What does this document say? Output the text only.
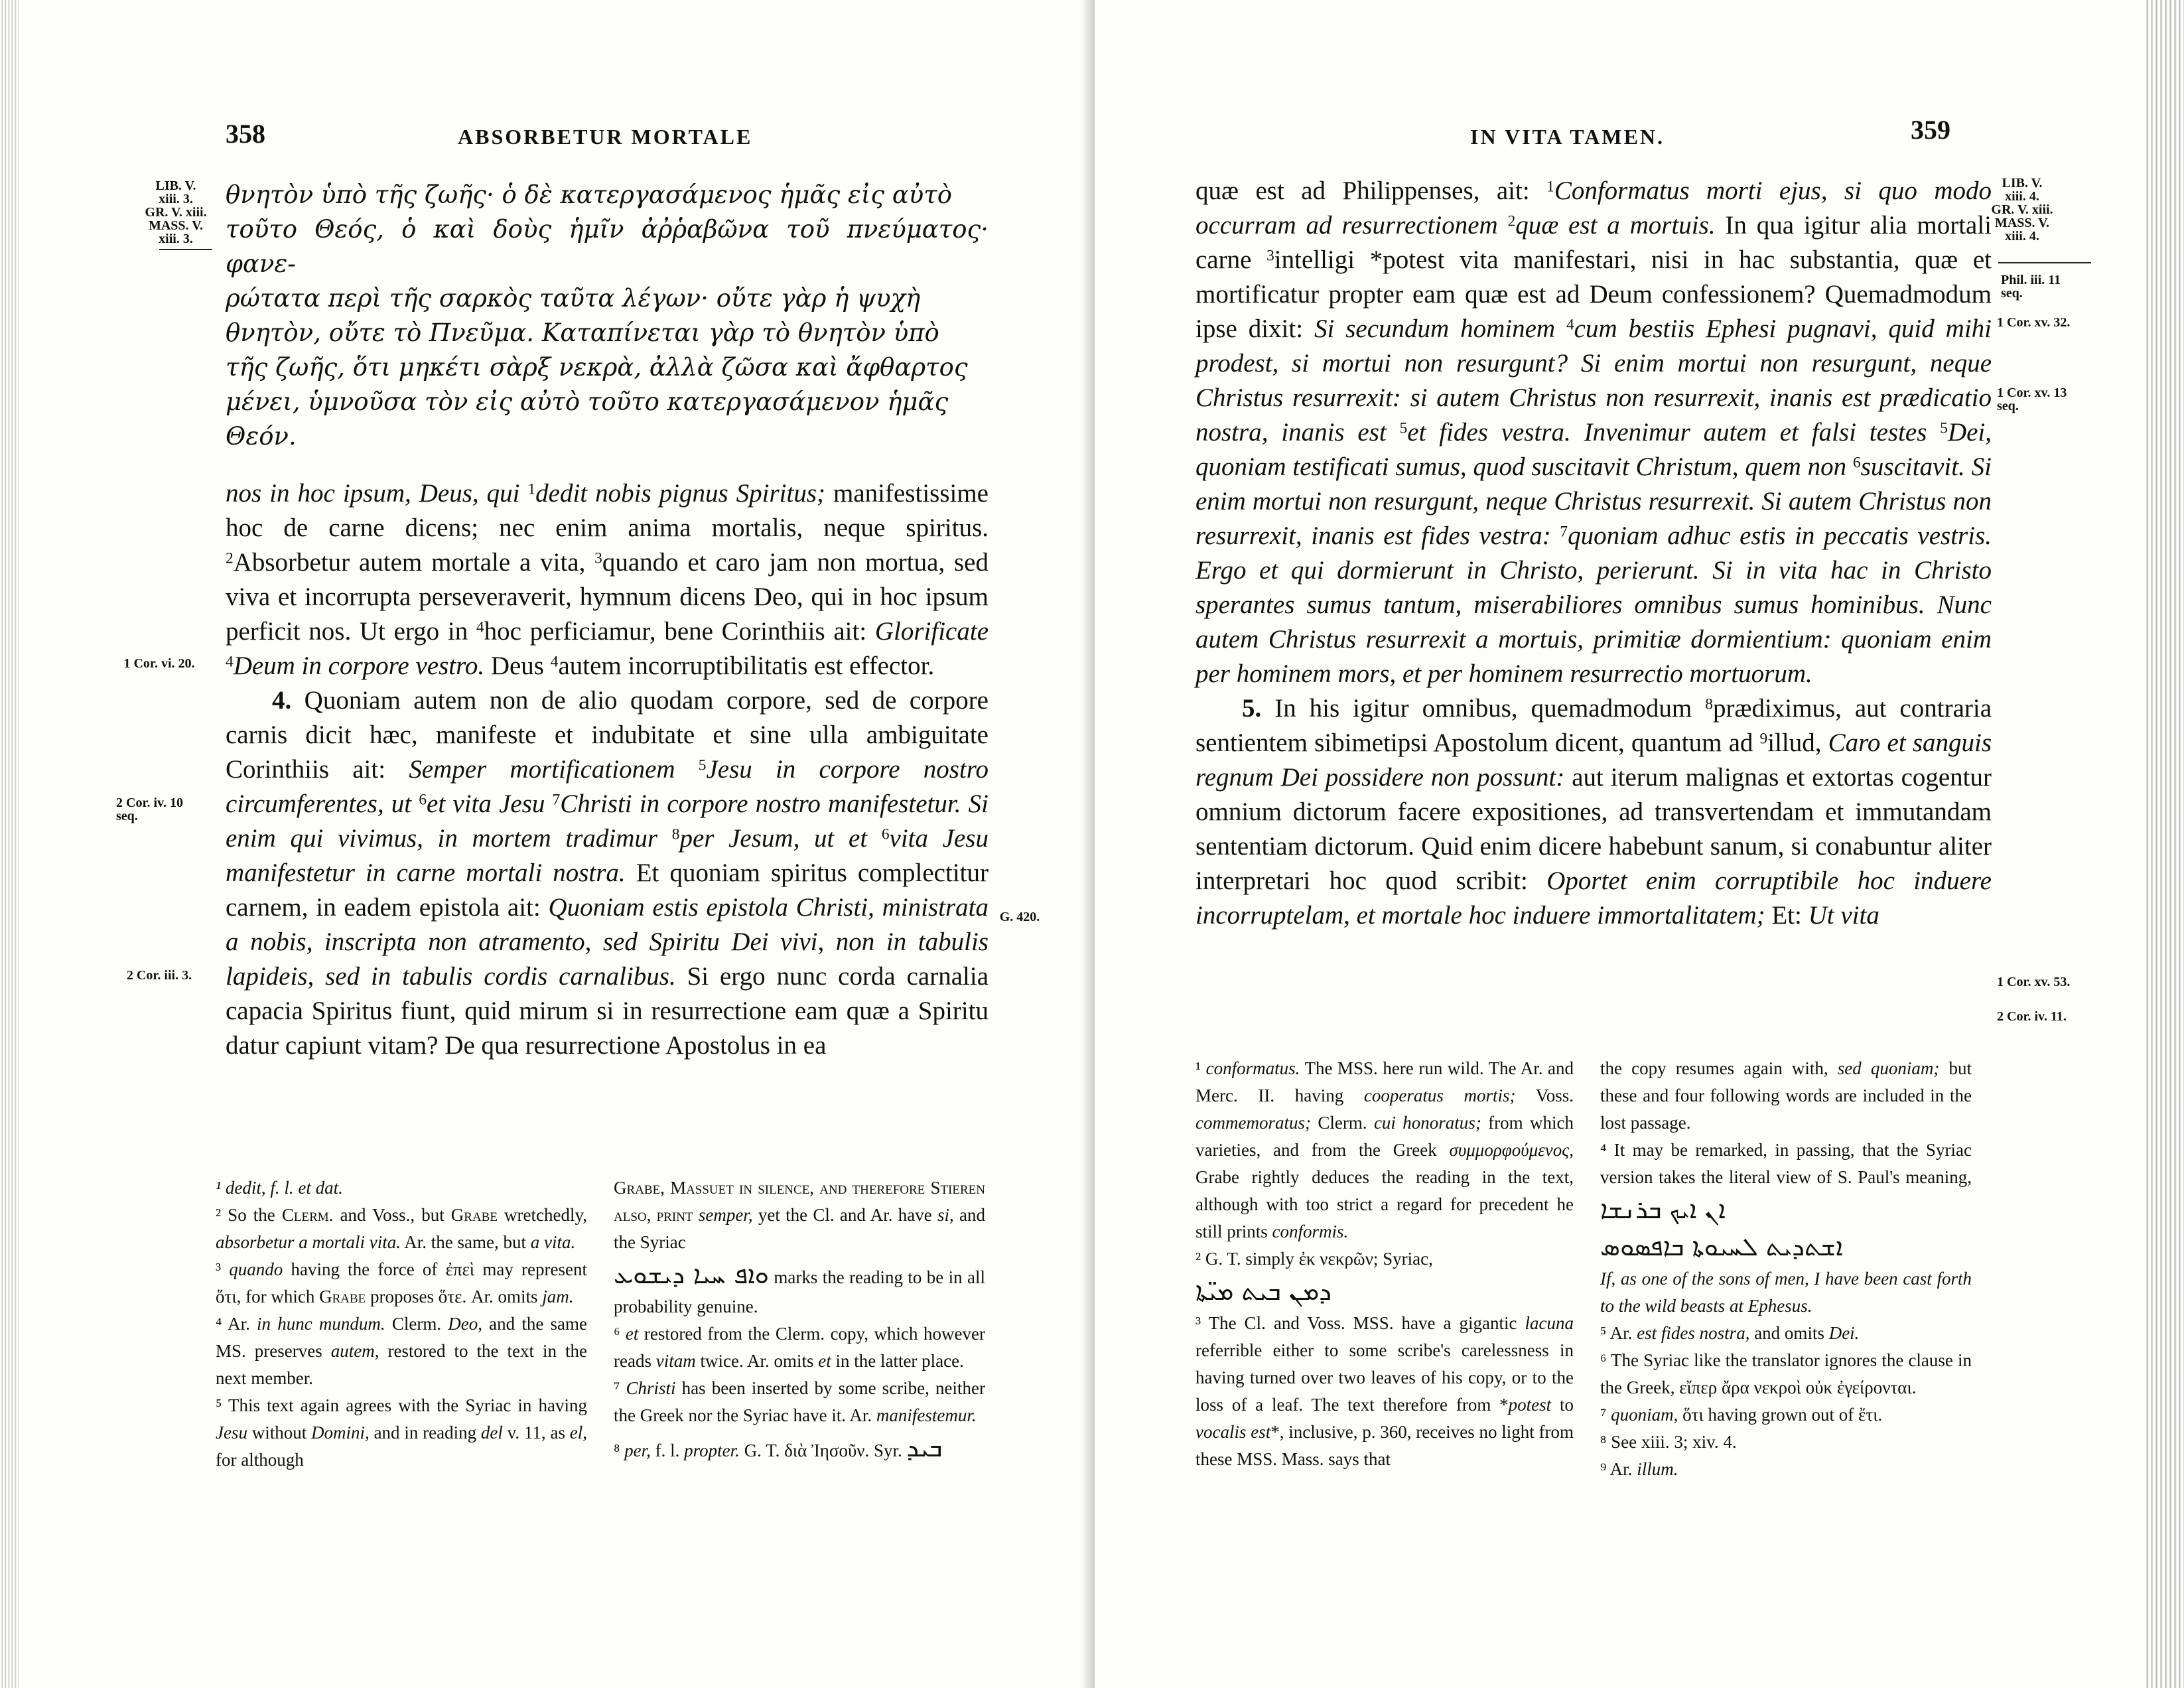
358	ABSORBETUR MORTALE
LIB. V.
xiii. 3.
GR. V. xiii.
MASS. V.
xiii. 3.
θνητὸν ὑπὸ τῆς ζωῆς· ὁ δὲ κατεργασάμενος ἡμᾶς εἰς αὐτὸ
τοῦτο Θεός, ὁ καὶ δοὺς ἡμῖν ἀῤῥαβῶνα τοῦ πνεύματος· φανε-
ρώτατα περὶ τῆς σαρκὸς ταῦτα λέγων· οὔτε γὰρ ἡ ψυχὴ
θνητὸν, οὔτε τὸ Πνεῦμα. Καταπίνεται γὰρ τὸ θνητὸν ὑπὸ
τῆς ζωῆς, ὅτι μηκέτι σὰρξ νεκρὰ, ἀλλὰ ζῶσα καὶ ἄφθαρτος
μένει, ὑμνοῦσα τὸν εἰς αὐτὸ τοῦτο κατεργασάμενον ἡμᾶς
Θεόν.

nos in hoc ipsum, Deus, qui $^1$dedit nobis pignus Spiritus; manifestissime hoc de carne dicens; nec enim anima mortalis, neque spiritus. $^2$Absorbetur autem mortale a vita, $^3$quando et caro jam non mortua, sed viva et incorrupta perseveraverit, hymnum dicens Deo, qui in hoc ipsum perficit nos. Ut ergo in $^4$hoc perficiamur, bene Corinthiis ait: Glorificate $^4$Deum in corpore vestro. Deus $^4$autem incorruptibilitatis est effector.

4. Quoniam autem non de alio quodam corpore, sed de corpore carnis dicit hæc, manifeste et indubitate et sine ulla ambiguitate Corinthiis ait: Semper mortificationem $^5$Jesu in corpore nostro circumferentes, ut $^6$et vita Jesu $^7$Christi in corpore nostro manifestetur. Si enim qui vivimus, in mortem tradimur $^8$per Jesum, ut et $^6$vita Jesu manifestetur in carne mortali nostra. Et quoniam spiritus complectitur carnem, in eadem epistola ait: Quoniam estis epistola Christi, ministrata a nobis, inscripta non atramento, sed Spiritu Dei vivi, non in tabulis lapideis, sed in tabulis cordis carnalibus. Si ergo nunc corda carnalia capacia Spiritus fiunt, quid mirum si in resurrectione eam quæ a Spiritu datur capiunt vitam? De qua resurrectione Apostolus in ea

1 Cor. vi. 20.
2 Cor. iv. 10
seq.
G. 420.
2 Cor. iii. 3.

¹ dedit, f. l. et dat.

² So the Clerm. and Voss., but Grabe wretchedly, absorbetur a mortali vita. Ar. the same, but a vita.

³ quando having the force of ἐπεὶ may represent ὅτι, for which Grabe proposes ὅτε. Ar. omits jam.

⁴ Ar. in hunc mundum. Clerm. Deo, and the same MS. preserves autem, restored to the text in the next member.

⁵ This text again agrees with the Syriac in having Jesu without Domini, and in reading del v. 11, as el, for although

Grabe, Massuet in silence, and therefore Stieren also, print semper, yet the Cl. and Ar. have si, and the Syriac
ܘܐܦ ܚܝܐ ܕܝܫܘܥ marks the reading to be in all probability genuine.

⁶ et restored from the Clerm. copy, which however reads vitam twice. Ar. omits et in the latter place.

⁷ Christi has been inserted by some scribe, neither the Greek nor the Syriac have it. Ar. manifestemur.

⁸ per, f. l. propter. G. T. διὰ Ἰησοῦν. Syr. ܒܝܕ

IN VITA TAMEN.	359
LIB. V.
xiii. 4.
GR. V. xiii.
MASS. V.
xiii. 4.
Phil. iii. 11
seq.
1 Cor. xv. 32.
1 Cor. xv. 13
seq.
1 Cor. xv. 53.
2 Cor. iv. 11.

quæ est ad Philippenses, ait: $^1$Conformatus morti ejus, si quo modo occurram ad resurrectionem $^2$quæ est a mortuis. In qua igitur alia mortali carne $^3$intelligi *potest vita manifestari, nisi in hac substantia, quæ et mortificatur propter eam quæ est ad Deum confessionem? Quemadmodum ipse dixit: Si secundum hominem $^4$cum bestiis Ephesi pugnavi, quid mihi prodest, si mortui non resurgunt? Si enim mortui non resurgunt, neque Christus resurrexit: si autem Christus non resurrexit, inanis est prædicatio nostra, inanis est $^5$et fides vestra. Invenimur autem et falsi testes $^5$Dei, quoniam testificati sumus, quod suscitavit Christum, quem non $^6$suscitavit. Si enim mortui non resurgunt, neque Christus resurrexit. Si autem Christus non resurrexit, inanis est fides vestra: $^7$quoniam adhuc estis in peccatis vestris. Ergo et qui dormierunt in Christo, perierunt. Si in vita hac in Christo sperantes sumus tantum, miserabiliores omnibus sumus hominibus. Nunc autem Christus resurrexit a mortuis, primitiæ dormientium: quoniam enim per hominem mors, et per hominem resurrectio mortuorum.

5. In his igitur omnibus, quemadmodum $^8$prædiximus, aut contraria sentientem sibimetipsi Apostolum dicent, quantum ad $^9$illud, Caro et sanguis regnum Dei possidere non possunt: aut iterum malignas et extortas cogentur omnium dictorum facere expositiones, ad transvertendam et immutandam sententiam dictorum. Quid enim dicere habebunt sanum, si conabuntur aliter interpretari hoc quod scribit: Oportet enim corruptibile hoc induere incorruptelam, et mortale hoc induere immortalitatem; Et: Ut vita

¹ conformatus. The MSS. here run wild. The Ar. and Merc. II. having cooperatus mortis; Voss. commemoratus; Clerm. cui honoratus; from which varieties, and from the Greek συμμορφούμενος, Grabe rightly deduces the reading in the text, although with too strict a regard for precedent he still prints conformis.

² G. T. simply ἐκ νεκρῶν; Syriac,
ܕܡܢ ܒܝܬ ܡܝ̈ܬܐ

³ The Cl. and Voss. MSS. have a gigantic lacuna referrible either to some scribe's carelessness in having turned over two leaves of his copy, or to the loss of a leaf. The text therefore from *potest to vocalis est*, inclusive, p. 360, receives no light from these MSS. Mass. says that

the copy resumes again with, sed quoniam; but these and four following words are included in the lost passage.

⁴ It may be remarked, in passing, that the Syriac version takes the literal view of S. Paul's meaning, ܐܢ ܐܝܟ ܒܪܢܫܐ
ܐܫܬܕܝܬ ܠܚܝܘܬܐ ܒܐܦܣܘܣ
If, as one of the sons of men, I have been cast forth to the wild beasts at Ephesus.

⁵ Ar. est fides nostra, and omits Dei.

⁶ The Syriac like the translator ignores the clause in the Greek, εἴπερ ἄρα νεκροὶ οὐκ ἐγείρονται.

⁷ quoniam, ὅτι having grown out of ἔτι.

⁸ See xiii. 3; xiv. 4.

⁹ Ar. illum.
